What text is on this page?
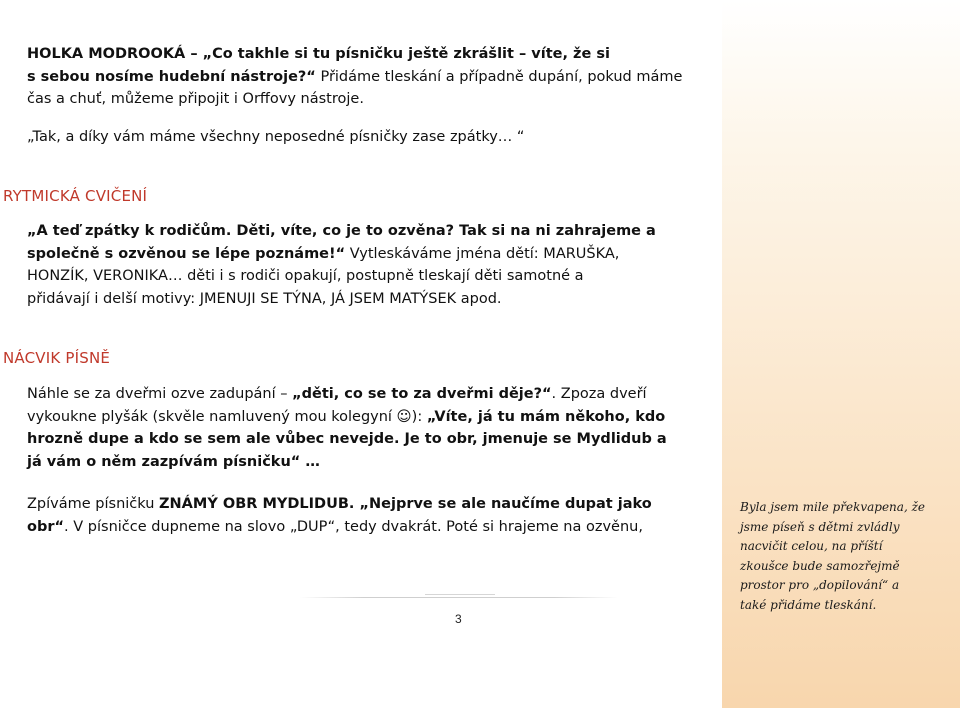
HOLKA MODROOKÁ – „Co takhle si tu písničku ještě zkrášlit – víte, že si
s sebou nosíme hudební nástroje?“ Přidáme tleskání a případně dupání, pokud máme
čas a chuť, můžeme připojit i Orffovy nástroje.
„Tak, a díky vám máme všechny neposedné písničky zase zpátky… “
RYTMICKÁ CVIČENÍ
„A teď zpátky k rodičům. Děti, víte, co je to ozvěna? Tak si na ni zahrajeme a
společně s ozvěnou se lépe poznáme!“ Vytleskáváme jména dětí: MARUŠKA,
HONZÍK, VERONIKA… děti i s rodiči opakují, postupně tleskají děti samotné a
přidávají i delší motivy: JMENUJI SE TÝNA, JÁ JSEM MATÝSEK apod.
NÁCVIK PÍSNĚ
Náhle se za dveřmi ozve zadupání – „děti, co se to za dveřmi děje?“. Zpoza dveří
vykoukne plyšák (skvěle namluvený mou kolegyní ☺): „Víte, já tu mám někoho, kdo
hrozně dupe a kdo se sem ale vůbec nevejde. Je to obr, jmenuje se Mydlidub a
já vám o něm zazpívám písničku“ …
Zpíváme písničku ZNÁMÝ OBR MYDLIDUB. „Nejprve se ale naučíme dupat jako
obr“. V písničce dupneme na slovo „DUP“, tedy dvakrát. Poté si hrajeme na ozvěnu,
3
Byla jsem mile překvapena, že
jsme píseň s dětmi zvládly
nacvičit celou, na příští
zkoušce bude samozřejmě
prostor pro „dopilování“ a
také přidáme tleskání.
